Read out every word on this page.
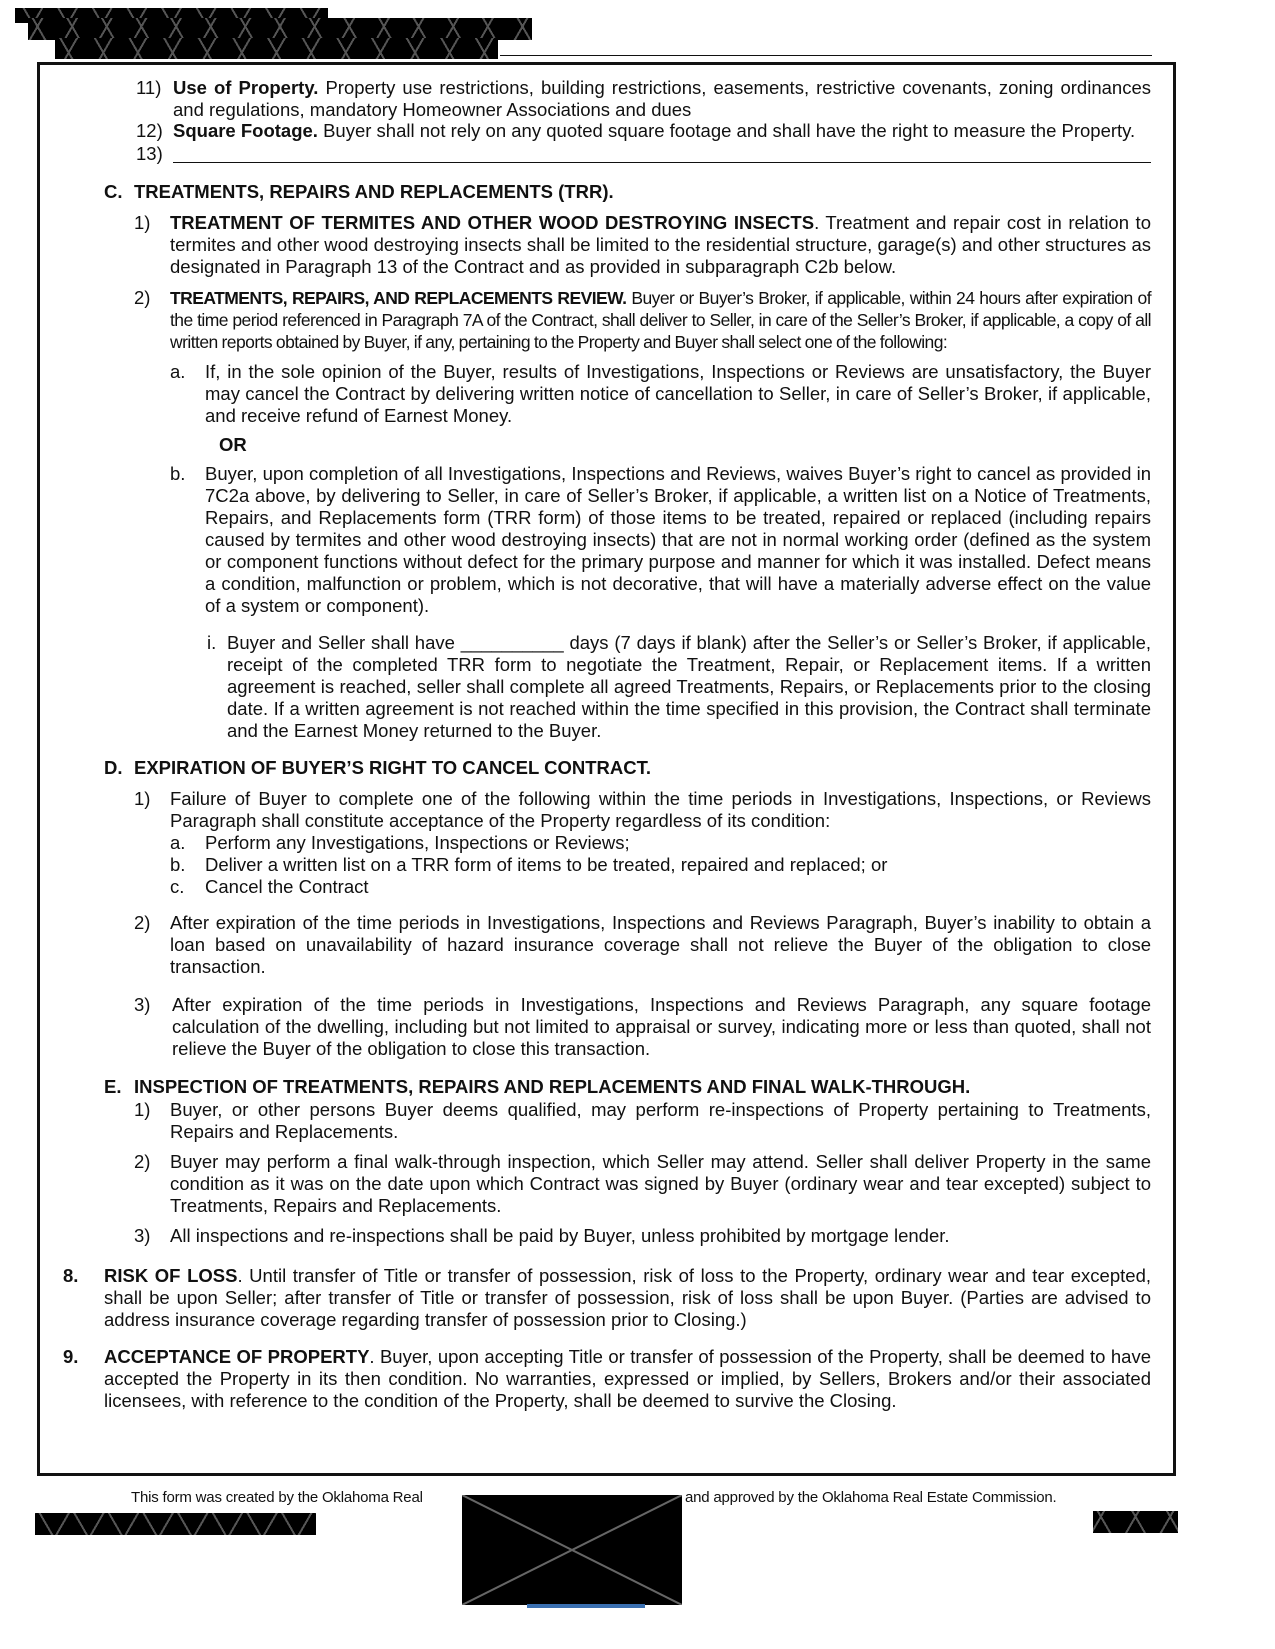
11) Use of Property. Property use restrictions, building restrictions, easements, restrictive covenants, zoning ordinances and regulations, mandatory Homeowner Associations and dues
12) Square Footage. Buyer shall not rely on any quoted square footage and shall have the right to measure the Property.
13)
C. TREATMENTS, REPAIRS AND REPLACEMENTS (TRR).
1) TREATMENT OF TERMITES AND OTHER WOOD DESTROYING INSECTS. Treatment and repair cost in relation to termites and other wood destroying insects shall be limited to the residential structure, garage(s) and other structures as designated in Paragraph 13 of the Contract and as provided in subparagraph C2b below.
2) TREATMENTS, REPAIRS, AND REPLACEMENTS REVIEW. Buyer or Buyer’s Broker, if applicable, within 24 hours after expiration of the time period referenced in Paragraph 7A of the Contract, shall deliver to Seller, in care of the Seller’s Broker, if applicable, a copy of all written reports obtained by Buyer, if any, pertaining to the Property and Buyer shall select one of the following:
a. If, in the sole opinion of the Buyer, results of Investigations, Inspections or Reviews are unsatisfactory, the Buyer may cancel the Contract by delivering written notice of cancellation to Seller, in care of Seller’s Broker, if applicable, and receive refund of Earnest Money.
OR
b. Buyer, upon completion of all Investigations, Inspections and Reviews, waives Buyer’s right to cancel as provided in 7C2a above, by delivering to Seller, in care of Seller’s Broker, if applicable, a written list on a Notice of Treatments, Repairs, and Replacements form (TRR form) of those items to be treated, repaired or replaced (including repairs caused by termites and other wood destroying insects) that are not in normal working order (defined as the system or component functions without defect for the primary purpose and manner for which it was installed. Defect means a condition, malfunction or problem, which is not decorative, that will have a materially adverse effect on the value of a system or component).
i. Buyer and Seller shall have __________ days (7 days if blank) after the Seller’s or Seller’s Broker, if applicable, receipt of the completed TRR form to negotiate the Treatment, Repair, or Replacement items. If a written agreement is reached, seller shall complete all agreed Treatments, Repairs, or Replacements prior to the closing date. If a written agreement is not reached within the time specified in this provision, the Contract shall terminate and the Earnest Money returned to the Buyer.
D. EXPIRATION OF BUYER’S RIGHT TO CANCEL CONTRACT.
1) Failure of Buyer to complete one of the following within the time periods in Investigations, Inspections, or Reviews Paragraph shall constitute acceptance of the Property regardless of its condition:
a. Perform any Investigations, Inspections or Reviews;
b. Deliver a written list on a TRR form of items to be treated, repaired and replaced; or
c. Cancel the Contract
2) After expiration of the time periods in Investigations, Inspections and Reviews Paragraph, Buyer’s inability to obtain a loan based on unavailability of hazard insurance coverage shall not relieve the Buyer of the obligation to close transaction.
3) After expiration of the time periods in Investigations, Inspections and Reviews Paragraph, any square footage calculation of the dwelling, including but not limited to appraisal or survey, indicating more or less than quoted, shall not relieve the Buyer of the obligation to close this transaction.
E. INSPECTION OF TREATMENTS, REPAIRS AND REPLACEMENTS AND FINAL WALK-THROUGH.
1) Buyer, or other persons Buyer deems qualified, may perform re-inspections of Property pertaining to Treatments, Repairs and Replacements.
2) Buyer may perform a final walk-through inspection, which Seller may attend. Seller shall deliver Property in the same condition as it was on the date upon which Contract was signed by Buyer (ordinary wear and tear excepted) subject to Treatments, Repairs and Replacements.
3) All inspections and re-inspections shall be paid by Buyer, unless prohibited by mortgage lender.
8. RISK OF LOSS. Until transfer of Title or transfer of possession, risk of loss to the Property, ordinary wear and tear excepted, shall be upon Seller; after transfer of Title or transfer of possession, risk of loss shall be upon Buyer. (Parties are advised to address insurance coverage regarding transfer of possession prior to Closing.)
9. ACCEPTANCE OF PROPERTY. Buyer, upon accepting Title or transfer of possession of the Property, shall be deemed to have accepted the Property in its then condition. No warranties, expressed or implied, by Sellers, Brokers and/or their associated licensees, with reference to the condition of the Property, shall be deemed to survive the Closing.
This form was created by the Oklahoma Real	and approved by the Oklahoma Real Estate Commission.
